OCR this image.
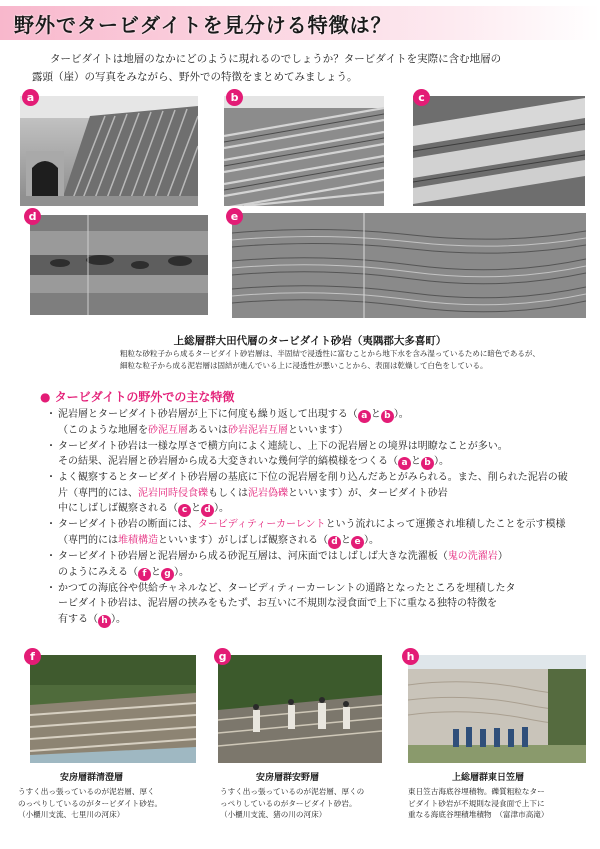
野外でタービダイトを見分ける特徴は？
タービダイトは地層のなかにどのように現れるのでしょうか？タービダイトを実際に含む地層の
露頭（崖）の写真をみながら、野外での特徴をまとめてみましょう。
a	b	c
d	e
上総層群大田代層のタービダイト砂岩（夷隅郡大多喜町）
粗粒な砂粒子から成るタービダイト砂岩層は、半固結で浸透性に富むことから地下水を含み湿っているために暗色であるが、
細粒な粒子から成る泥岩層は固結が進んでいる上に浸透性が悪いことから、表面は乾燥して白色をしている。
● タービダイトの野外での主な特徴
・ 泥岩層とタービダイト砂岩層が上下に何度も繰り返して出現する（ a と b ）。
（このような地層を砂泥互層あるいは砂岩泥岩互層といいます）
・ タービダイト砂岩は一様な厚さで横方向によく連続し、上下の泥岩層との境界は明瞭なことが多い。
その結果、泥岩層と砂岩層から成る大変きれいな幾何学的縞模様をつくる（ a と b ）。
・ よく観察するとタービダイト砂岩層の基底に下位の泥岩層を削り込んだあとがみられる。また、削られた泥岩の破片（専門的には、泥岩同時侵食礫もしくは泥岩偽礫といいます）が、タービダイト砂岩
中にしばしば観察される（ c と d ）。
・ タービダイト砂岩の断面には、タービディティーカーレントという流れによって運搬され堆積したことを示す模様（専門的には堆積構造といいます）がしばしば観察される（ d と e ）。
・ タービダイト砂岩層と泥岩層から成る砂泥互層は、河床面ではしばしば大きな洗濯板（鬼の洗濯岩）
のようにみえる（ f と g ）。
・ かつての海底谷や供給チャネルなど、タービディティーカーレントの通路となったところを埋積したタ
ービダイト砂岩は、泥岩層の挟みをもたず、お互いに不規則な浸食面で上下に重なる独特の特徴を
有する（ h ）。
f	g	h
安房層群清澄層
うすく出っ張っているのが泥岩層、厚く
のっぺりしているのがタービダイト砂岩。
（小櫃川支流、七里川の河床）
安房層群安野層
うすく出っ張っているのが泥岩層、厚くの
っぺりしているのがタービダイト砂岩。
（小櫃川支流、猪の川の河床）
上総層群東日笠層
東日笠古海底谷埋積物。礫質粗粒なター
ビダイト砂岩が不規則な浸食面で上下に
重なる海底谷埋積堆積物　（富津市高滝）
